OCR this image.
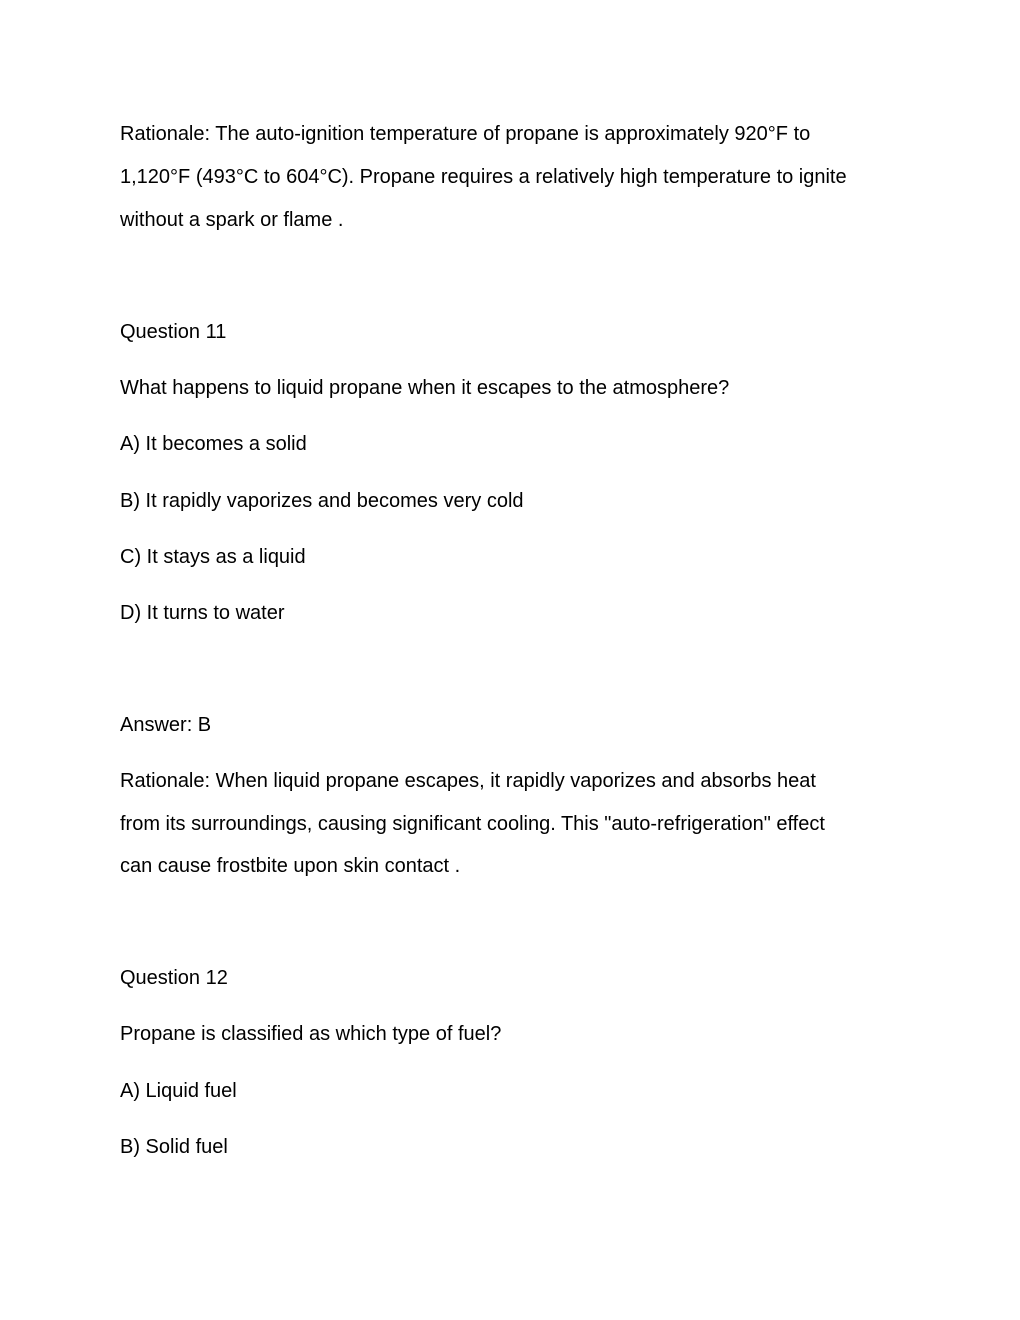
Rationale: The auto-ignition temperature of propane is approximately 920°F to
1,120°F (493°C to 604°C). Propane requires a relatively high temperature to ignite
without a spark or flame .
Question 11
What happens to liquid propane when it escapes to the atmosphere?
A) It becomes a solid
B) It rapidly vaporizes and becomes very cold
C) It stays as a liquid
D) It turns to water
Answer: B
Rationale: When liquid propane escapes, it rapidly vaporizes and absorbs heat
from its surroundings, causing significant cooling. This "auto-refrigeration" effect
can cause frostbite upon skin contact .
Question 12
Propane is classified as which type of fuel?
A) Liquid fuel
B) Solid fuel
